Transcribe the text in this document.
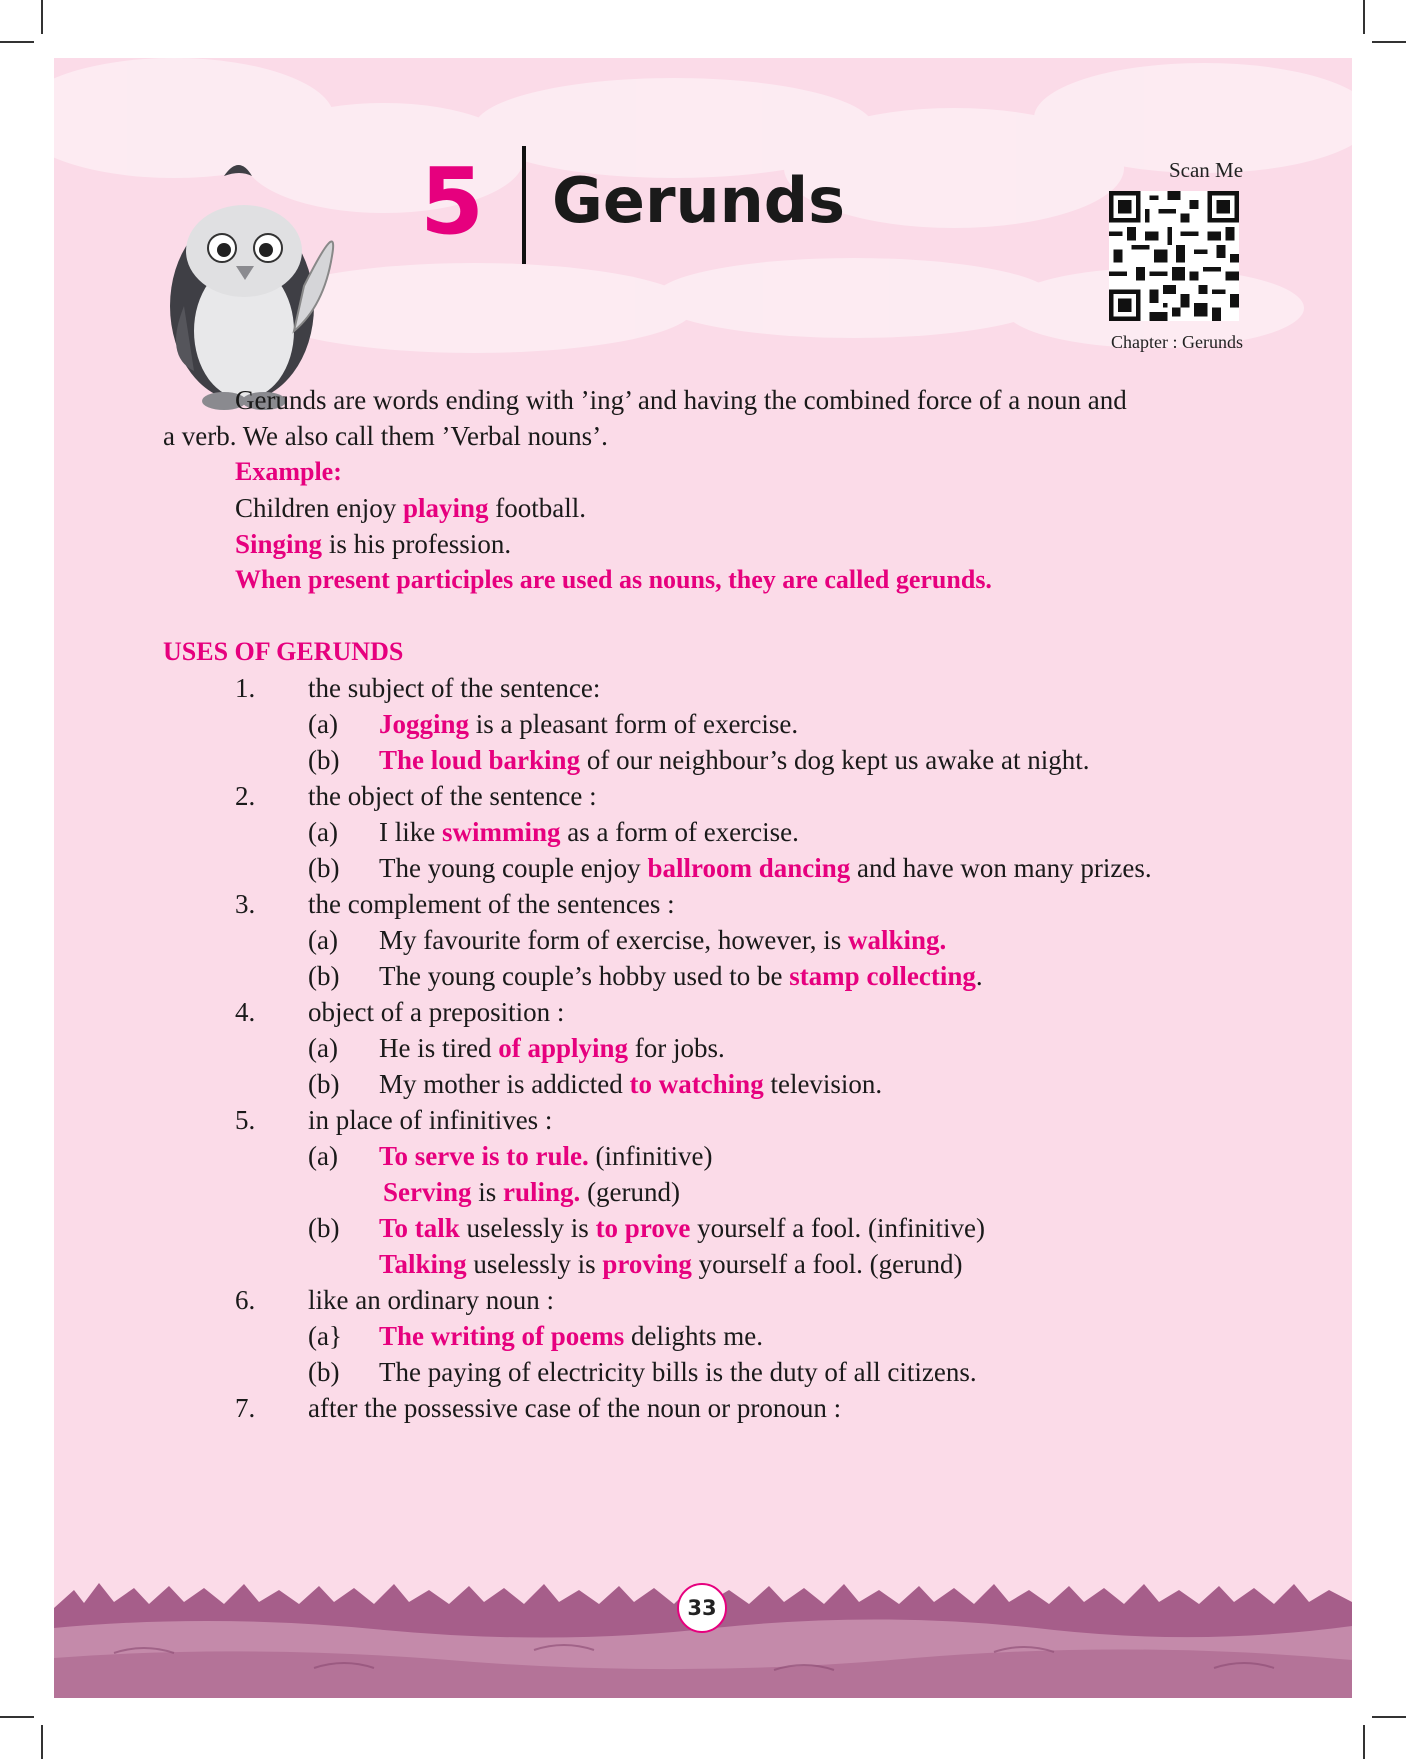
5 Gerunds	Scan Me
Chapter : Gerunds
Gerunds are words ending with ’ing’ and having the combined force of a noun and
a verb. We also call them ’Verbal nouns’.
Example:
Children enjoy playing football.
Singing is his profession.
When present participles are used as nouns, they are called gerunds.
USES OF GERUNDS
1. the subject of the sentence:
(a) Jogging is a pleasant form of exercise.
(b) The loud barking of our neighbour’s dog kept us awake at night.
2. the object of the sentence :
(a) I like swimming as a form of exercise.
(b) The young couple enjoy ballroom dancing and have won many prizes.
3. the complement of the sentences :
(a) My favourite form of exercise, however, is walking.
(b) The young couple’s hobby used to be stamp collecting.
4. object of a preposition :
(a) He is tired of applying for jobs.
(b) My mother is addicted to watching television.
5. in place of infinitives :
(a) To serve is to rule. (infinitive)
Serving is ruling. (gerund)
(b) To talk uselessly is to prove yourself a fool. (infinitive)
Talking uselessly is proving yourself a fool. (gerund)
6. like an ordinary noun :
(a} The writing of poems delights me.
(b) The paying of electricity bills is the duty of all citizens.
7. after the possessive case of the noun or pronoun :
33
